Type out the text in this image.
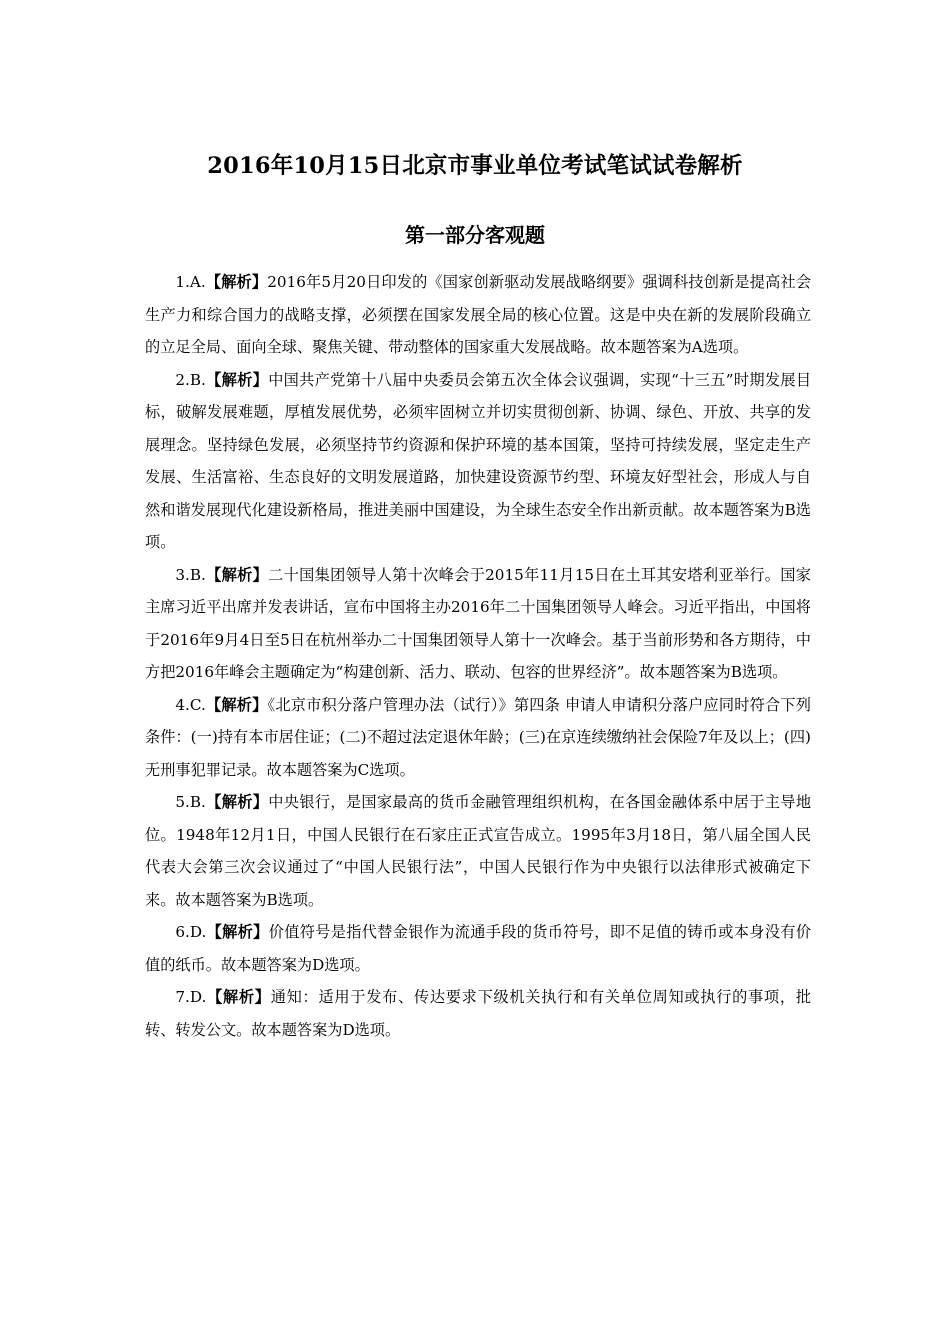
2016年10月15日北京市事业单位考试笔试试卷解析
第一部分客观题

1.A.【解析】2016年5月20日印发的《国家创新驱动发展战略纲要》强调科技创新是提高社会生产力和综合国力的战略支撑，必须摆在国家发展全局的核心位置。这是中央在新的发展阶段确立的立足全局、面向全球、聚焦关键、带动整体的国家重大发展战略。故本题答案为A选项。

2.B.【解析】中国共产党第十八届中央委员会第五次全体会议强调，实现“十三五”时期发展目标，破解发展难题，厚植发展优势，必须牢固树立并切实贯彻创新、协调、绿色、开放、共享的发展理念。坚持绿色发展，必须坚持节约资源和保护环境的基本国策，坚持可持续发展，坚定走生产发展、生活富裕、生态良好的文明发展道路，加快建设资源节约型、环境友好型社会，形成人与自然和谐发展现代化建设新格局，推进美丽中国建设，为全球生态安全作出新贡献。故本题答案为B选项。

3.B.【解析】二十国集团领导人第十次峰会于2015年11月15日在土耳其安塔利亚举行。国家主席习近平出席并发表讲话，宣布中国将主办2016年二十国集团领导人峰会。习近平指出，中国将于2016年9月4日至5日在杭州举办二十国集团领导人第十一次峰会。基于当前形势和各方期待，中方把2016年峰会主题确定为“构建创新、活力、联动、包容的世界经济”。故本题答案为B选项。

4.C.【解析】《北京市积分落户管理办法（试行）》第四条 申请人申请积分落户应同时符合下列条件：(一)持有本市居住证；(二)不超过法定退休年龄；(三)在京连续缴纳社会保险7年及以上；(四)无刑事犯罪记录。故本题答案为C选项。

5.B.【解析】中央银行，是国家最高的货币金融管理组织机构，在各国金融体系中居于主导地位。1948年12月1日，中国人民银行在石家庄正式宣告成立。1995年3月18日，第八届全国人民代表大会第三次会议通过了“中国人民银行法”，中国人民银行作为中央银行以法律形式被确定下来。故本题答案为B选项。

6.D.【解析】价值符号是指代替金银作为流通手段的货币符号，即不足值的铸币或本身没有价值的纸币。故本题答案为D选项。

7.D.【解析】通知：适用于发布、传达要求下级机关执行和有关单位周知或执行的事项，批转、转发公文。故本题答案为D选项。
